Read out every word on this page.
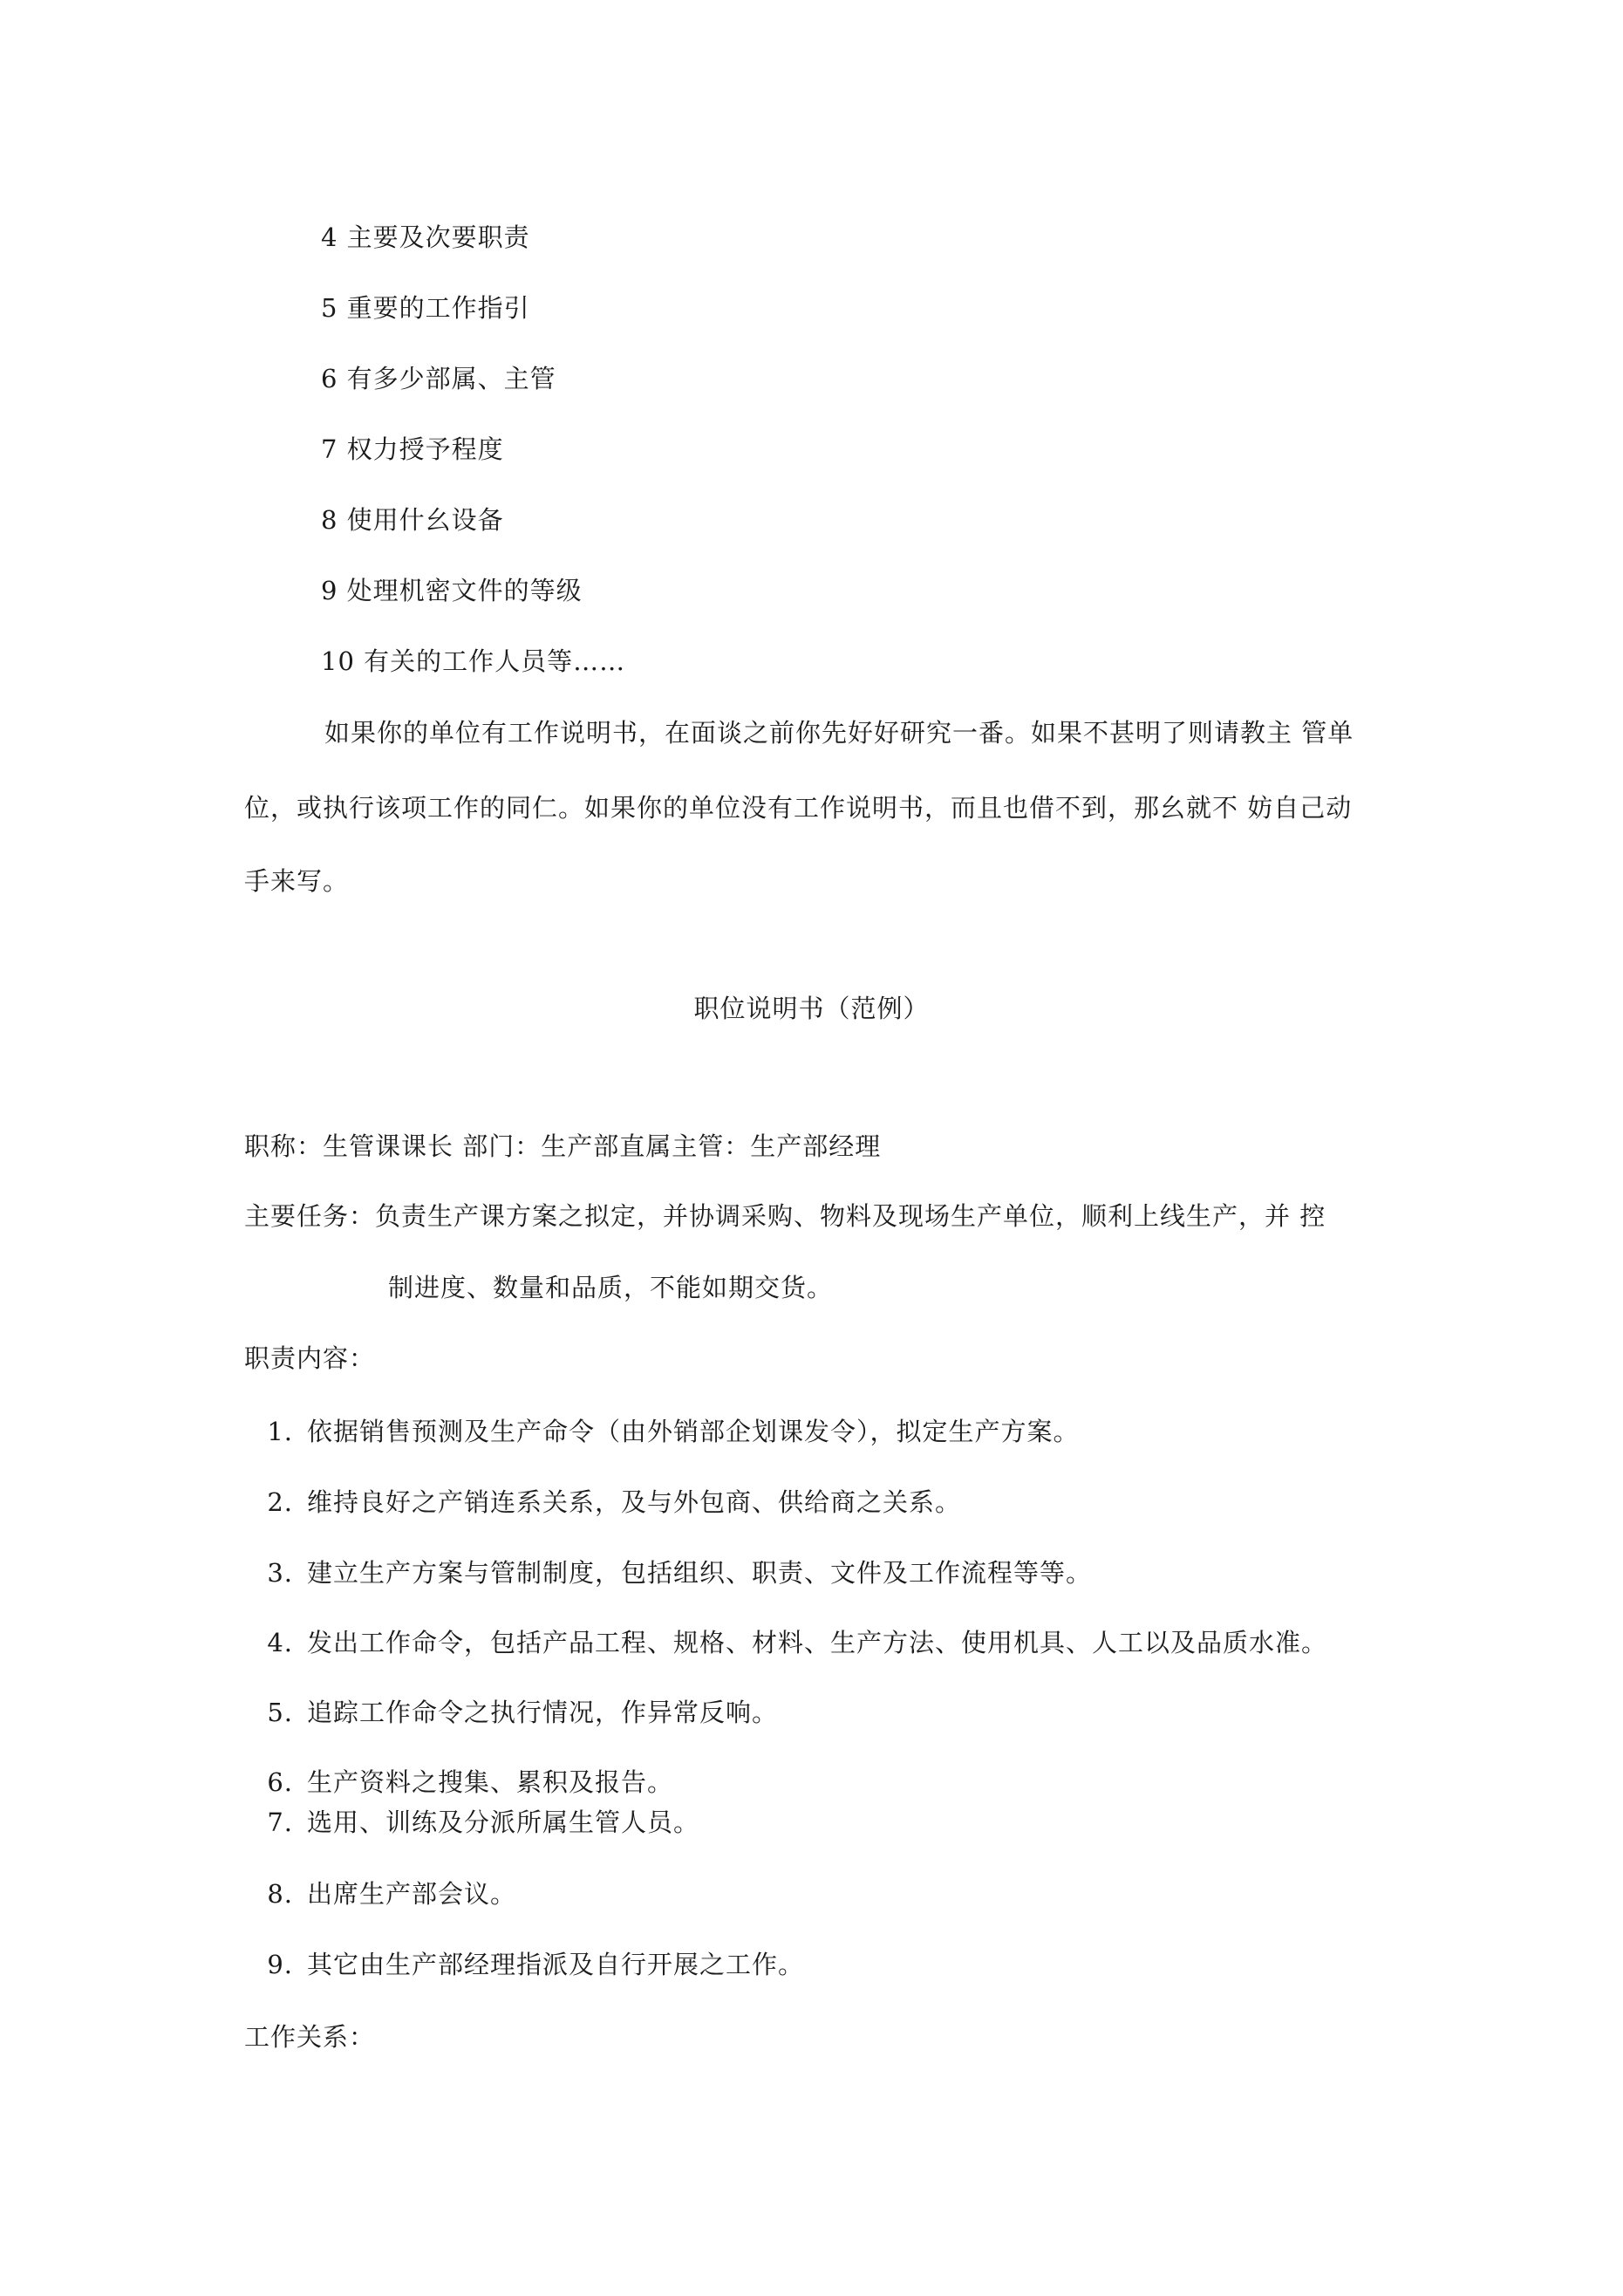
4 主要及次要职责
5 重要的工作指引
6 有多少部属、主管
7 权力授予程度
8 使用什幺设备
9 处理机密文件的等级
10 有关的工作人员等……
如果你的单位有工作说明书，在面谈之前你先好好研究一番。如果不甚明了则请教主 管单
位，或执行该项工作的同仁。如果你的单位没有工作说明书，而且也借不到，那幺就不 妨自己动
手来写。
职位说明书（范例）
职称：生管课课长 部门：生产部直属主管：生产部经理
主要任务：负责生产课方案之拟定，并协调采购、物料及现场生产单位，顺利上线生产，并 控
制进度、数量和品质，不能如期交货。
职责内容：
1. 依据销售预测及生产命令（由外销部企划课发令），拟定生产方案。
2. 维持良好之产销连系关系，及与外包商、供给商之关系。
3. 建立生产方案与管制制度，包括组织、职责、文件及工作流程等等。
4. 发出工作命令，包括产品工程、规格、材料、生产方法、使用机具、人工以及品质水准。
5. 追踪工作命令之执行情况，作异常反响。
6. 生产资料之搜集、累积及报告。
7. 选用、训练及分派所属生管人员。
8. 出席生产部会议。
9. 其它由生产部经理指派及自行开展之工作。
工作关系：
